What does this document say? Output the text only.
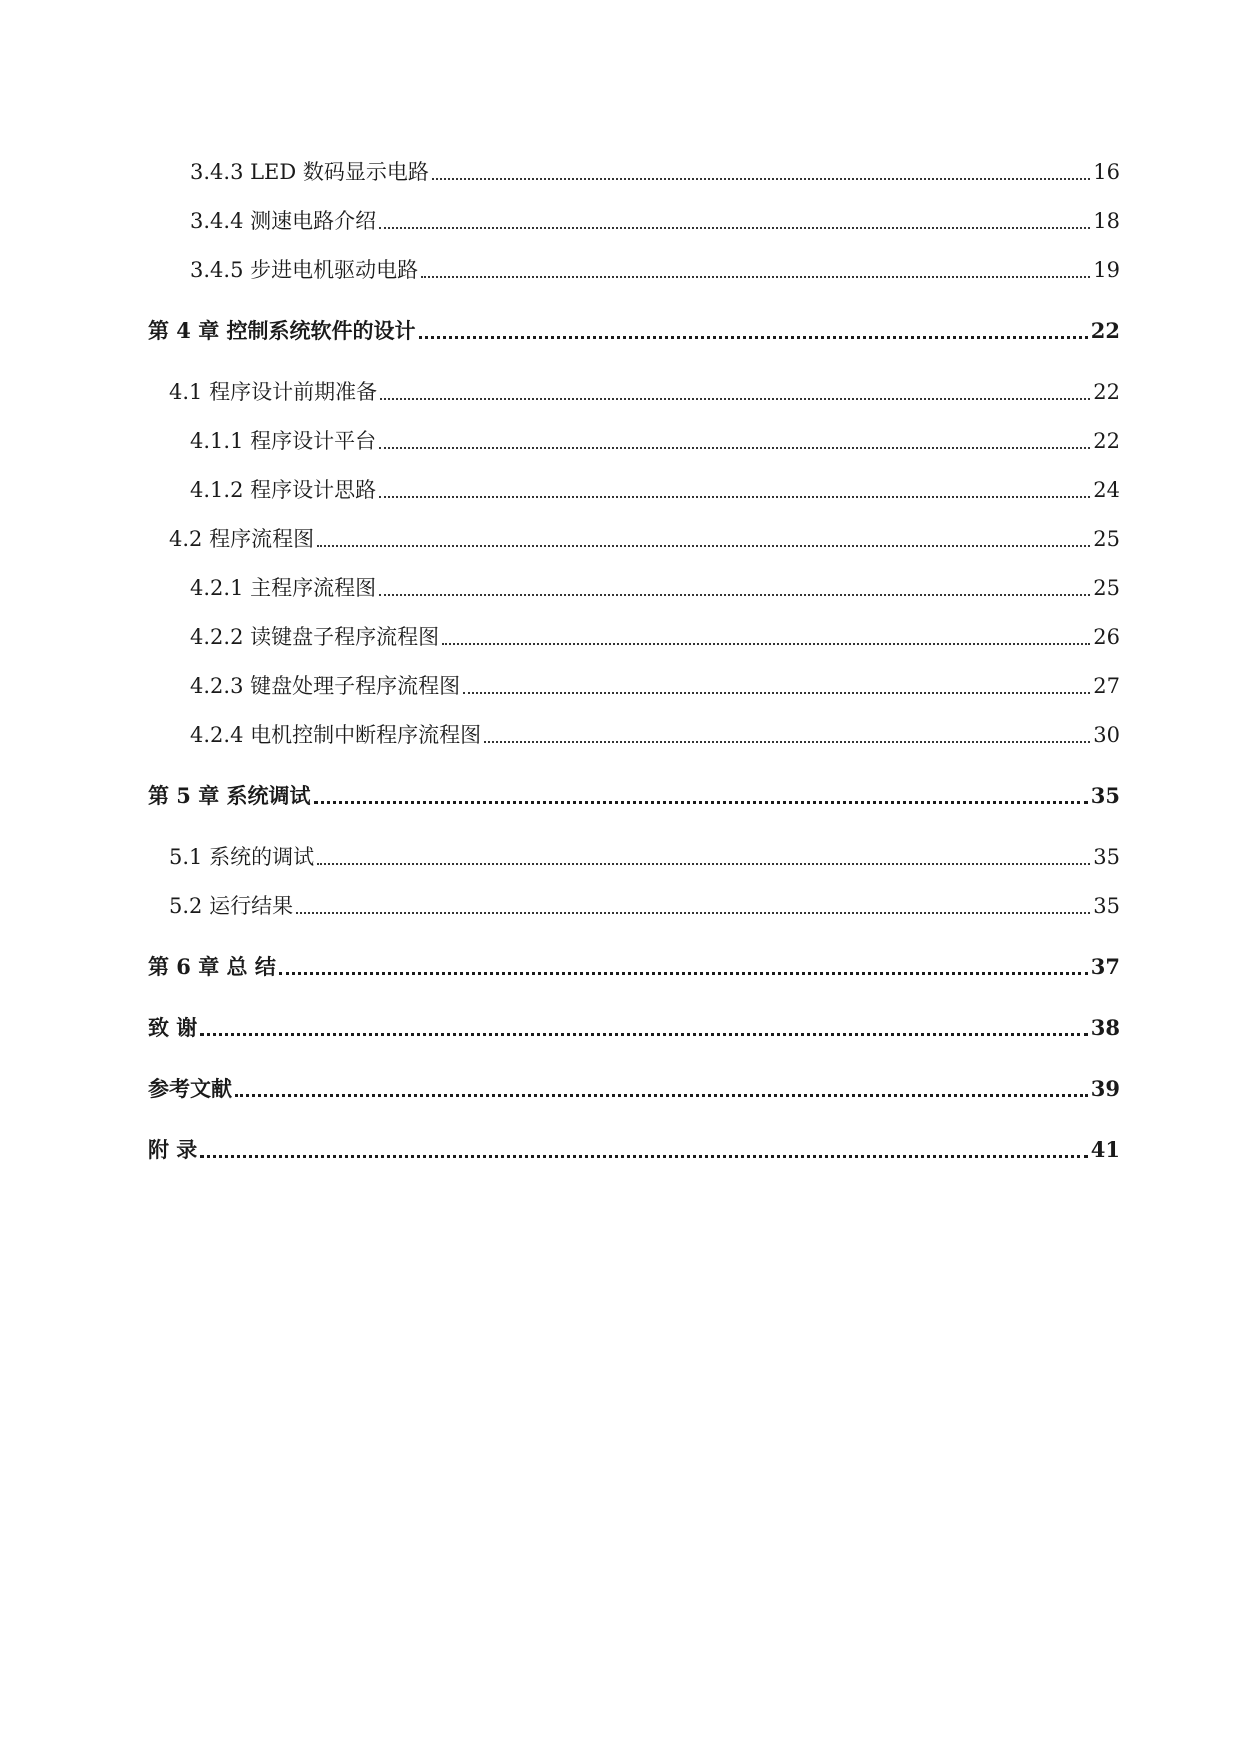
3.4.3 LED 数码显示电路	16
3.4.4 测速电路介绍	18
3.4.5 步进电机驱动电路	19
第 4 章 控制系统软件的设计	22
4.1 程序设计前期准备	22
4.1.1 程序设计平台	22
4.1.2 程序设计思路	24
4.2 程序流程图	25
4.2.1 主程序流程图	25
4.2.2 读键盘子程序流程图	26
4.2.3 键盘处理子程序流程图	27
4.2.4 电机控制中断程序流程图	30
第 5 章 系统调试	35
5.1 系统的调试	35
5.2 运行结果	35
第 6 章 总 结	37
致 谢	38
参考文献	39
附 录	41
